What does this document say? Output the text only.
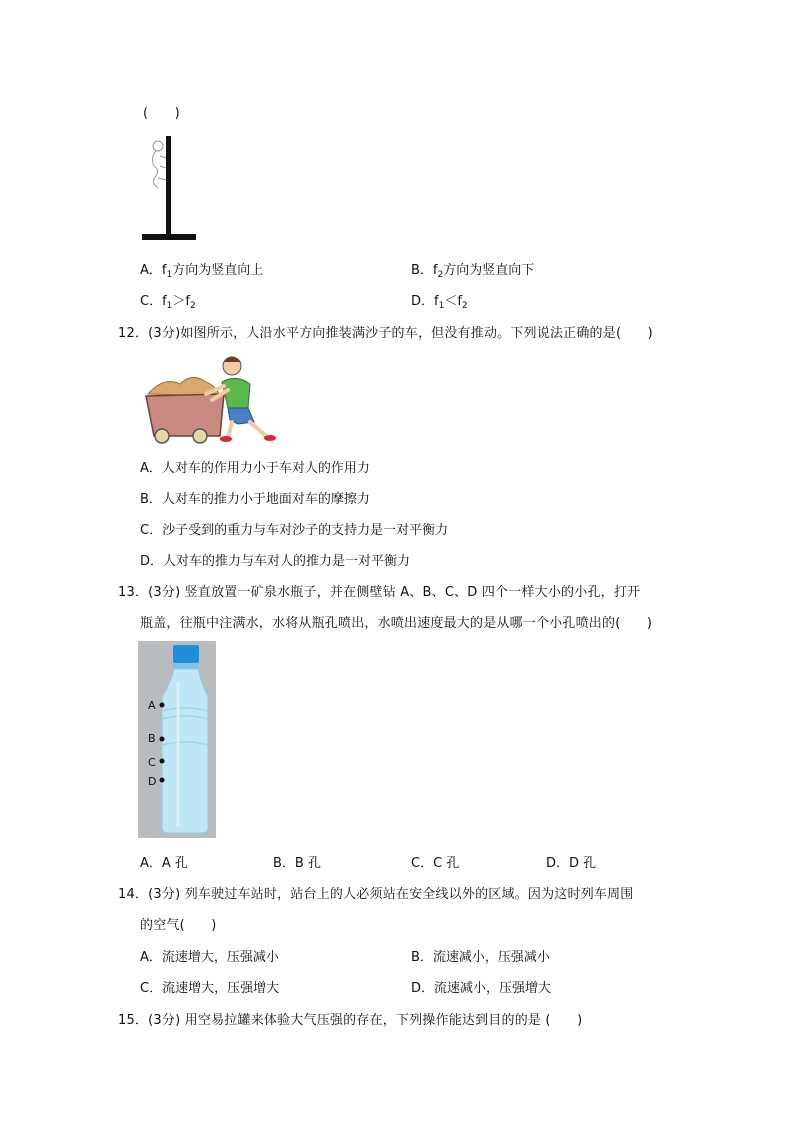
(　　)
A．$f_1$方向为竖直向上	B．$f_2$方向为竖直向下
C．$f_1>f_2$	D．$f_1<f_2$
12．(3分)如图所示，人沿水平方向推装满沙子的车，但没有推动。下列说法正确的是(　　)
A．人对车的作用力小于车对人的作用力
B．人对车的推力小于地面对车的摩擦力
C．沙子受到的重力与车对沙子的支持力是一对平衡力
D．人对车的推力与车对人的推力是一对平衡力
13．(3分) 竖直放置一矿泉水瓶子，并在侧壁钻 A、B、C、D 四个一样大小的小孔，打开
瓶盖，往瓶中注满水，水将从瓶孔喷出，水喷出速度最大的是从哪一个小孔喷出的(　　)
A
B
C
D
A．A 孔	B．B 孔	C．C 孔	D．D 孔
14．(3分) 列车驶过车站时，站台上的人必须站在安全线以外的区域。因为这时列车周围
的空气(　　)
A．流速增大，压强减小	B．流速减小，压强减小
C．流速增大，压强增大	D．流速减小，压强增大
15．(3分) 用空易拉罐来体验大气压强的存在，下列操作能达到目的的是 (　　)
